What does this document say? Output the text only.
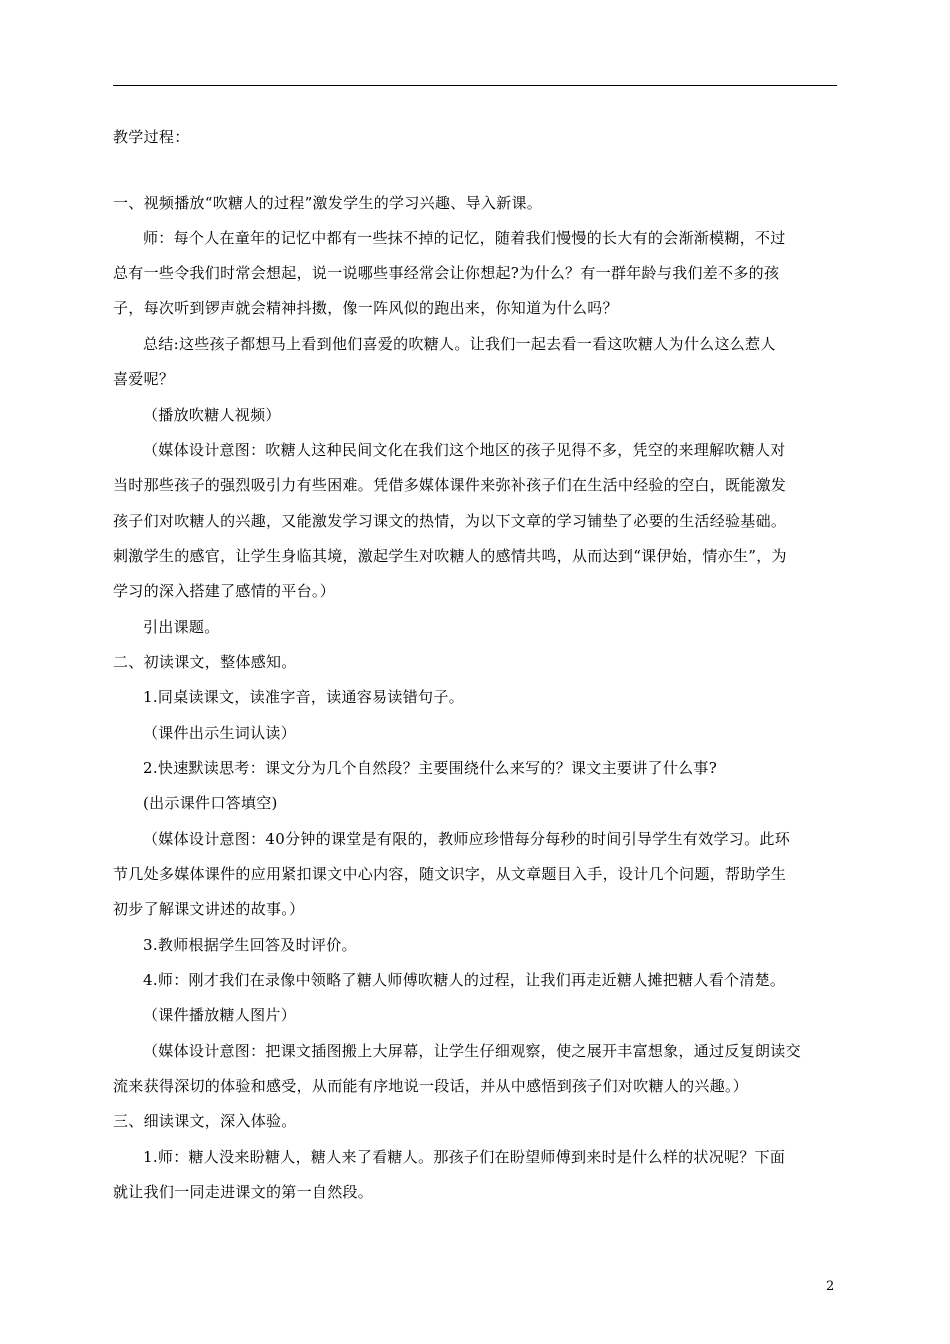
教学过程：
一、视频播放“吹糖人的过程”激发学生的学习兴趣、导入新课。
师：每个人在童年的记忆中都有一些抹不掉的记忆，随着我们慢慢的长大有的会渐渐模糊，不过
总有一些令我们时常会想起，说一说哪些事经常会让你想起?为什么？有一群年龄与我们差不多的孩
子，每次听到锣声就会精神抖擞，像一阵风似的跑出来，你知道为什么吗？
总结:这些孩子都想马上看到他们喜爱的吹糖人。让我们一起去看一看这吹糖人为什么这么惹人
喜爱呢？
（播放吹糖人视频）
（媒体设计意图：吹糖人这种民间文化在我们这个地区的孩子见得不多，凭空的来理解吹糖人对
当时那些孩子的强烈吸引力有些困难。凭借多媒体课件来弥补孩子们在生活中经验的空白，既能激发
孩子们对吹糖人的兴趣，又能激发学习课文的热情，为以下文章的学习铺垫了必要的生活经验基础。
刺激学生的感官，让学生身临其境，激起学生对吹糖人的感情共鸣，从而达到“课伊始，情亦生”，为
学习的深入搭建了感情的平台。）
引出课题。
二、初读课文，整体感知。
1.同桌读课文，读准字音，读通容易读错句子。
（课件出示生词认读）
2.快速默读思考：课文分为几个自然段？主要围绕什么来写的？课文主要讲了什么事?
(出示课件口答填空)
（媒体设计意图：40分钟的课堂是有限的，教师应珍惜每分每秒的时间引导学生有效学习。此环
节几处多媒体课件的应用紧扣课文中心内容，随文识字，从文章题目入手，设计几个问题，帮助学生
初步了解课文讲述的故事。）
3.教师根据学生回答及时评价。
4.师：刚才我们在录像中领略了糖人师傅吹糖人的过程，让我们再走近糖人摊把糖人看个清楚。
（课件播放糖人图片）
（媒体设计意图：把课文插图搬上大屏幕，让学生仔细观察，使之展开丰富想象，通过反复朗读交
流来获得深切的体验和感受，从而能有序地说一段话，并从中感悟到孩子们对吹糖人的兴趣。）
三、细读课文，深入体验。
1.师：糖人没来盼糖人，糖人来了看糖人。那孩子们在盼望师傅到来时是什么样的状况呢？下面
就让我们一同走进课文的第一自然段。
2
